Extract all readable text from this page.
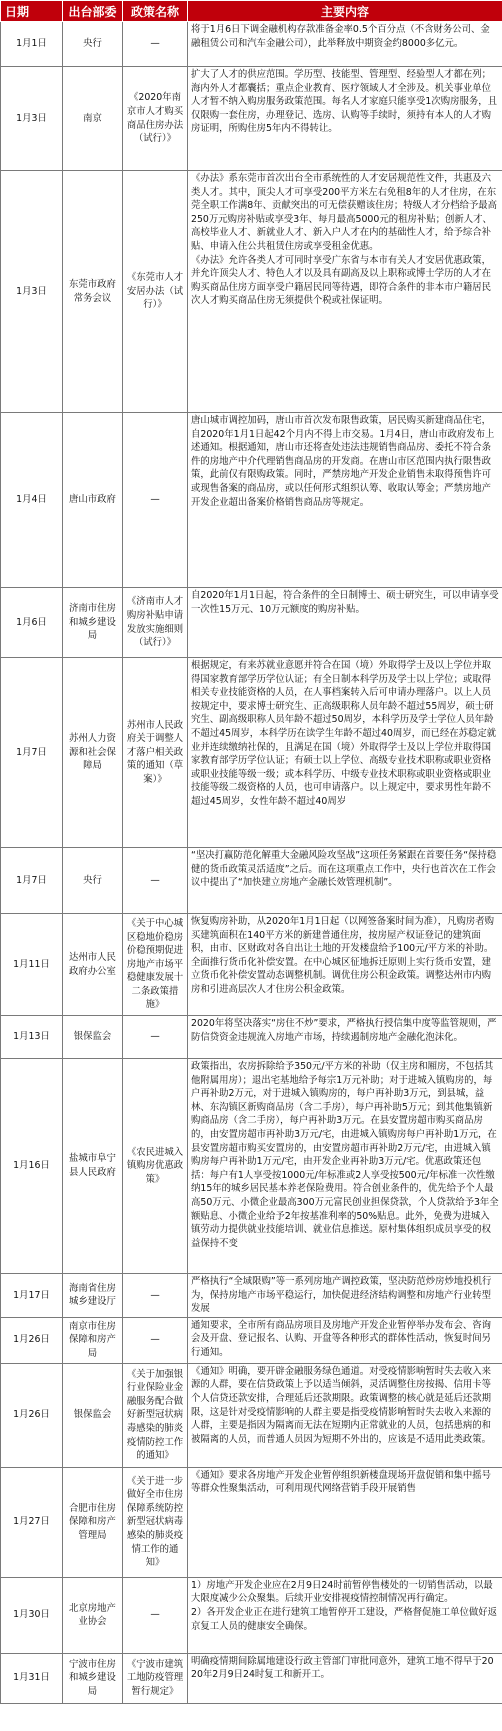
日期	出台部委	政策名称	主要内容
1月1日	央行	—	将于1月6日下调金融机构存款准备金率0.5个百分点（不含财务公司、金融租赁公司和汽车金融公司），此举释放中期资金约8000多亿元。

1月3日	南京	《2020年南京市人才购买商品住房办法（试行）》	扩大了人才的供应范围。学历型、技能型、管理型、经验型人才都在列；海内外人才都囊括；重点企业教育、医疗领域人才全涉及。机关事业单位人才暂不纳入购房服务政策范围。每名人才家庭只能享受1次购房服务，且仅限购一套住房，办理登记、选房、认购等手续时，须持有本人的人才购房证明，所购住房5年内不得转让。

1月3日	东莞市政府常务会议	《东莞市人才安居办法（试行）》	《办法》系东莞市首次出台全市系统性的人才安居规范性文件，共惠及六类人才。其中，顶尖人才可享受200平方米左右免租8年的人才住房，在东莞全职工作满8年、贡献突出的可无偿获赠该住房；特级人才分档给予最高250万元购房补贴或享受3年、每月最高5000元的租房补贴；创新人才、高校毕业人才、新就业人才、新入户人才在内的基础性人才，给予综合补贴、申请入住公共租赁住房或享受租金优惠。
《办法》允许各类人才可同时享受广东省与本市有关人才安居优惠政策，并允许顶尖人才、特色人才以及具有副高及以上职称或博士学历的人才在购买商品住房方面享受户籍居民同等待遇，即符合条件的非本市户籍居民次人才购买商品住房无须提供个税或社保证明。

1月4日	唐山市政府	—	唐山城市调控加码，唐山市首次发布限售政策，居民购买新建商品住宅，自2020年1月1日起42个月内不得上市交易。1月4日，唐山市政府发布上述通知。根据通知，唐山市还将查处违法违规销售商品房、委托不符合条件的房地产中介代理销售商品房的开发商。在唐山市区范围内执行限售政策，此前仅有限购政策。同时，严禁房地产开发企业销售未取得预售许可或现售备案的商品房，或以任何形式组织认筹、收取认筹金；严禁房地产开发企业超出备案价格销售商品房等规定。

1月6日	济南市住房和城乡建设局	《济南市人才购房补贴申请发放实施细则（试行）》	自2020年1月1日起，符合条件的全日制博士、硕士研究生，可以申请享受一次性15万元、10万元额度的购房补贴。

1月7日	苏州人力资源和社会保障局	苏州市人民政府关于调整人才落户相关政策的通知（草案）》	根据规定，有来苏就业意愿并符合在国（境）外取得学士及以上学位并取得国家教育部学历学位认证；有全日制本科学历及学士以上学位；或取得相关专业技能资格的人员，在人事档案转入后可申请办理落户。以上人员按规定中，要求博士研究生、正高级职称人员年龄不超过55周岁，硕士研究生、副高级职称人员年龄不超过50周岁，本科学历及学士学位人员年龄不超过45周岁，本科学历在读学生年龄不超过40周岁，而已经在苏稳定就业并连续缴纳社保的，且满足在国（境）外取得学士及以上学位并取得国家教育部学历学位认证；有硕士以上学位、高级专业技术职称或职业资格或职业技能等级一级；或本科学历、中级专业技术职称或职业资格或职业技能等级二级资格的人员，也可申请落户。以上规定中，要求男性年龄不超过45周岁，女性年龄不超过40周岁

1月7日	央行	—	“坚决打赢防范化解重大金融风险攻坚战”这项任务紧跟在首要任务“保持稳健的货币政策灵活适度”之后。而在这项重点工作中，央行也首次在工作会议中提出了“加快建立房地产金融长效管理机制”。

1月11日	达州市人民政府办公室	《关于中心城区稳地价稳房价稳预期促进房地产市场平稳健康发展十二条政策措施》	恢复购房补助，从2020年1月1日起（以网签备案时间为准），凡购房者购买建筑面积在140平方米的新建普通住房，按房屋产权证登记的建筑面积，由市、区财政对各自出让土地的开发楼盘给予100元/平方米的补助。全面推行货币化补偿安置。在中心城区征地拆迁原则上实行货币安置，建立货币化补偿安置动态调整机制。调优住房公积金政策。调整达州市内购房和引进高层次人才住房公积金政策。

1月13日	银保监会	—	2020年将坚决落实“房住不炒”要求，严格执行授信集中度等监管规则，严防信贷资金违规流入房地产市场，持续遏制房地产金融化泡沫化。

1月16日	盐城市阜宁县人民政府	《农民进城入镇购房优惠政策》	政策指出，农房拆除给予350元/平方米的补助（仅主房和厢房，不包括其他附属用房）；退出宅基地给予每宗1万元补助；对于进城入镇购房的，每户再补助2万元，对于进城入镇购房的，每户再补助3万元，到县城，益林、东沟镇区新购商品房（含二手房），每户再补助5万元；到其他集镇新购商品房（含二手房），每户再补助3万元。在县安置房超市购买商品房的，由安置房超市再补助3万元/宅，由进城入镇购房每户再补助1万元，在县安置房超市购买安置房的，由安置房超市再补助2万元/宅，由进城入镇购房每户再补助1万元/宅，由开发企业再补助3万元/宅。优惠政策还包括：每户有1人享受按1000元/年标准或2人享受按500元/年标准一次性缴纳15年的城乡居民基本养老保险费用。符合创业条件的，优先给予个人最高50万元、小微企业最高300万元富民创业担保贷款，个人贷款给予3年全额贴息、小微企业给予2年按基准利率的50%贴息。此外，免费为进城入镇劳动力提供就业技能培训、就业信息推送。原村集体组织成员享受的权益保持不变

1月17日	海南省住房城乡建设厅	—	严格执行“全域限购”等一系列房地产调控政策，坚决防范炒房炒地投机行为，保持房地产市场平稳运行，加快促进经济结构调整和房地产行业转型发展

1月26日	南京市住房保障和房产局	—	通知要求，全市所有商品房项目及房地产开发企业暂停举办发布会、咨询会及开盘、登记报名、认购、开盘等各种形式的群体性活动，恢复时间另行通知。

1月26日	银保监会	《关于加强银行业保险业金融服务配合做好新型冠状病毒感染的肺炎疫情防控工作的通知》	《通知》明确，要开辟金融服务绿色通道。对受疫情影响暂时失去收入来源的人群，要在信贷政策上予以适当倾斜，灵活调整住房按揭、信用卡等个人信贷还款安排，合理延后还款期限。政策调整的核心就是延后还款期限，这是针对受疫情影响的人群主要是指受疫情影响暂时失去收入来源的人群，主要是指因为隔离而无法在短期内正常就业的人员，包括患病的和被隔离的人员，而普通人员因为短期不外出的，应该是不适用此类政策。

1月27日	合肥市住房保障和房产管理局	《关于进一步做好全市住房保障系统防控新型冠状病毒感染的肺炎疫情工作的通知》	《通知》要求各房地产开发企业暂停组织新楼盘现场开盘促销和集中摇号等群众性聚集活动，可利用现代网络营销手段开展销售

1月30日	北京房地产业协会	—	1）房地产开发企业应在2月9日24时前暂停售楼处的一切销售活动，以最大限度减少公众聚集。后续开业安排视疫情控制情况再行确定。
2）各开发企业正在进行建筑工地暂停开工建设，严格督促施工单位做好返京复工人员的健康安全确保。

1月31日	宁波市住房和城乡建设局	《宁波市建筑工地防疫管理暂行规定》	明确疫情期间除属地建设行政主管部门审批同意外，建筑工地不得早于2020年2月9日24时复工和新开工。
